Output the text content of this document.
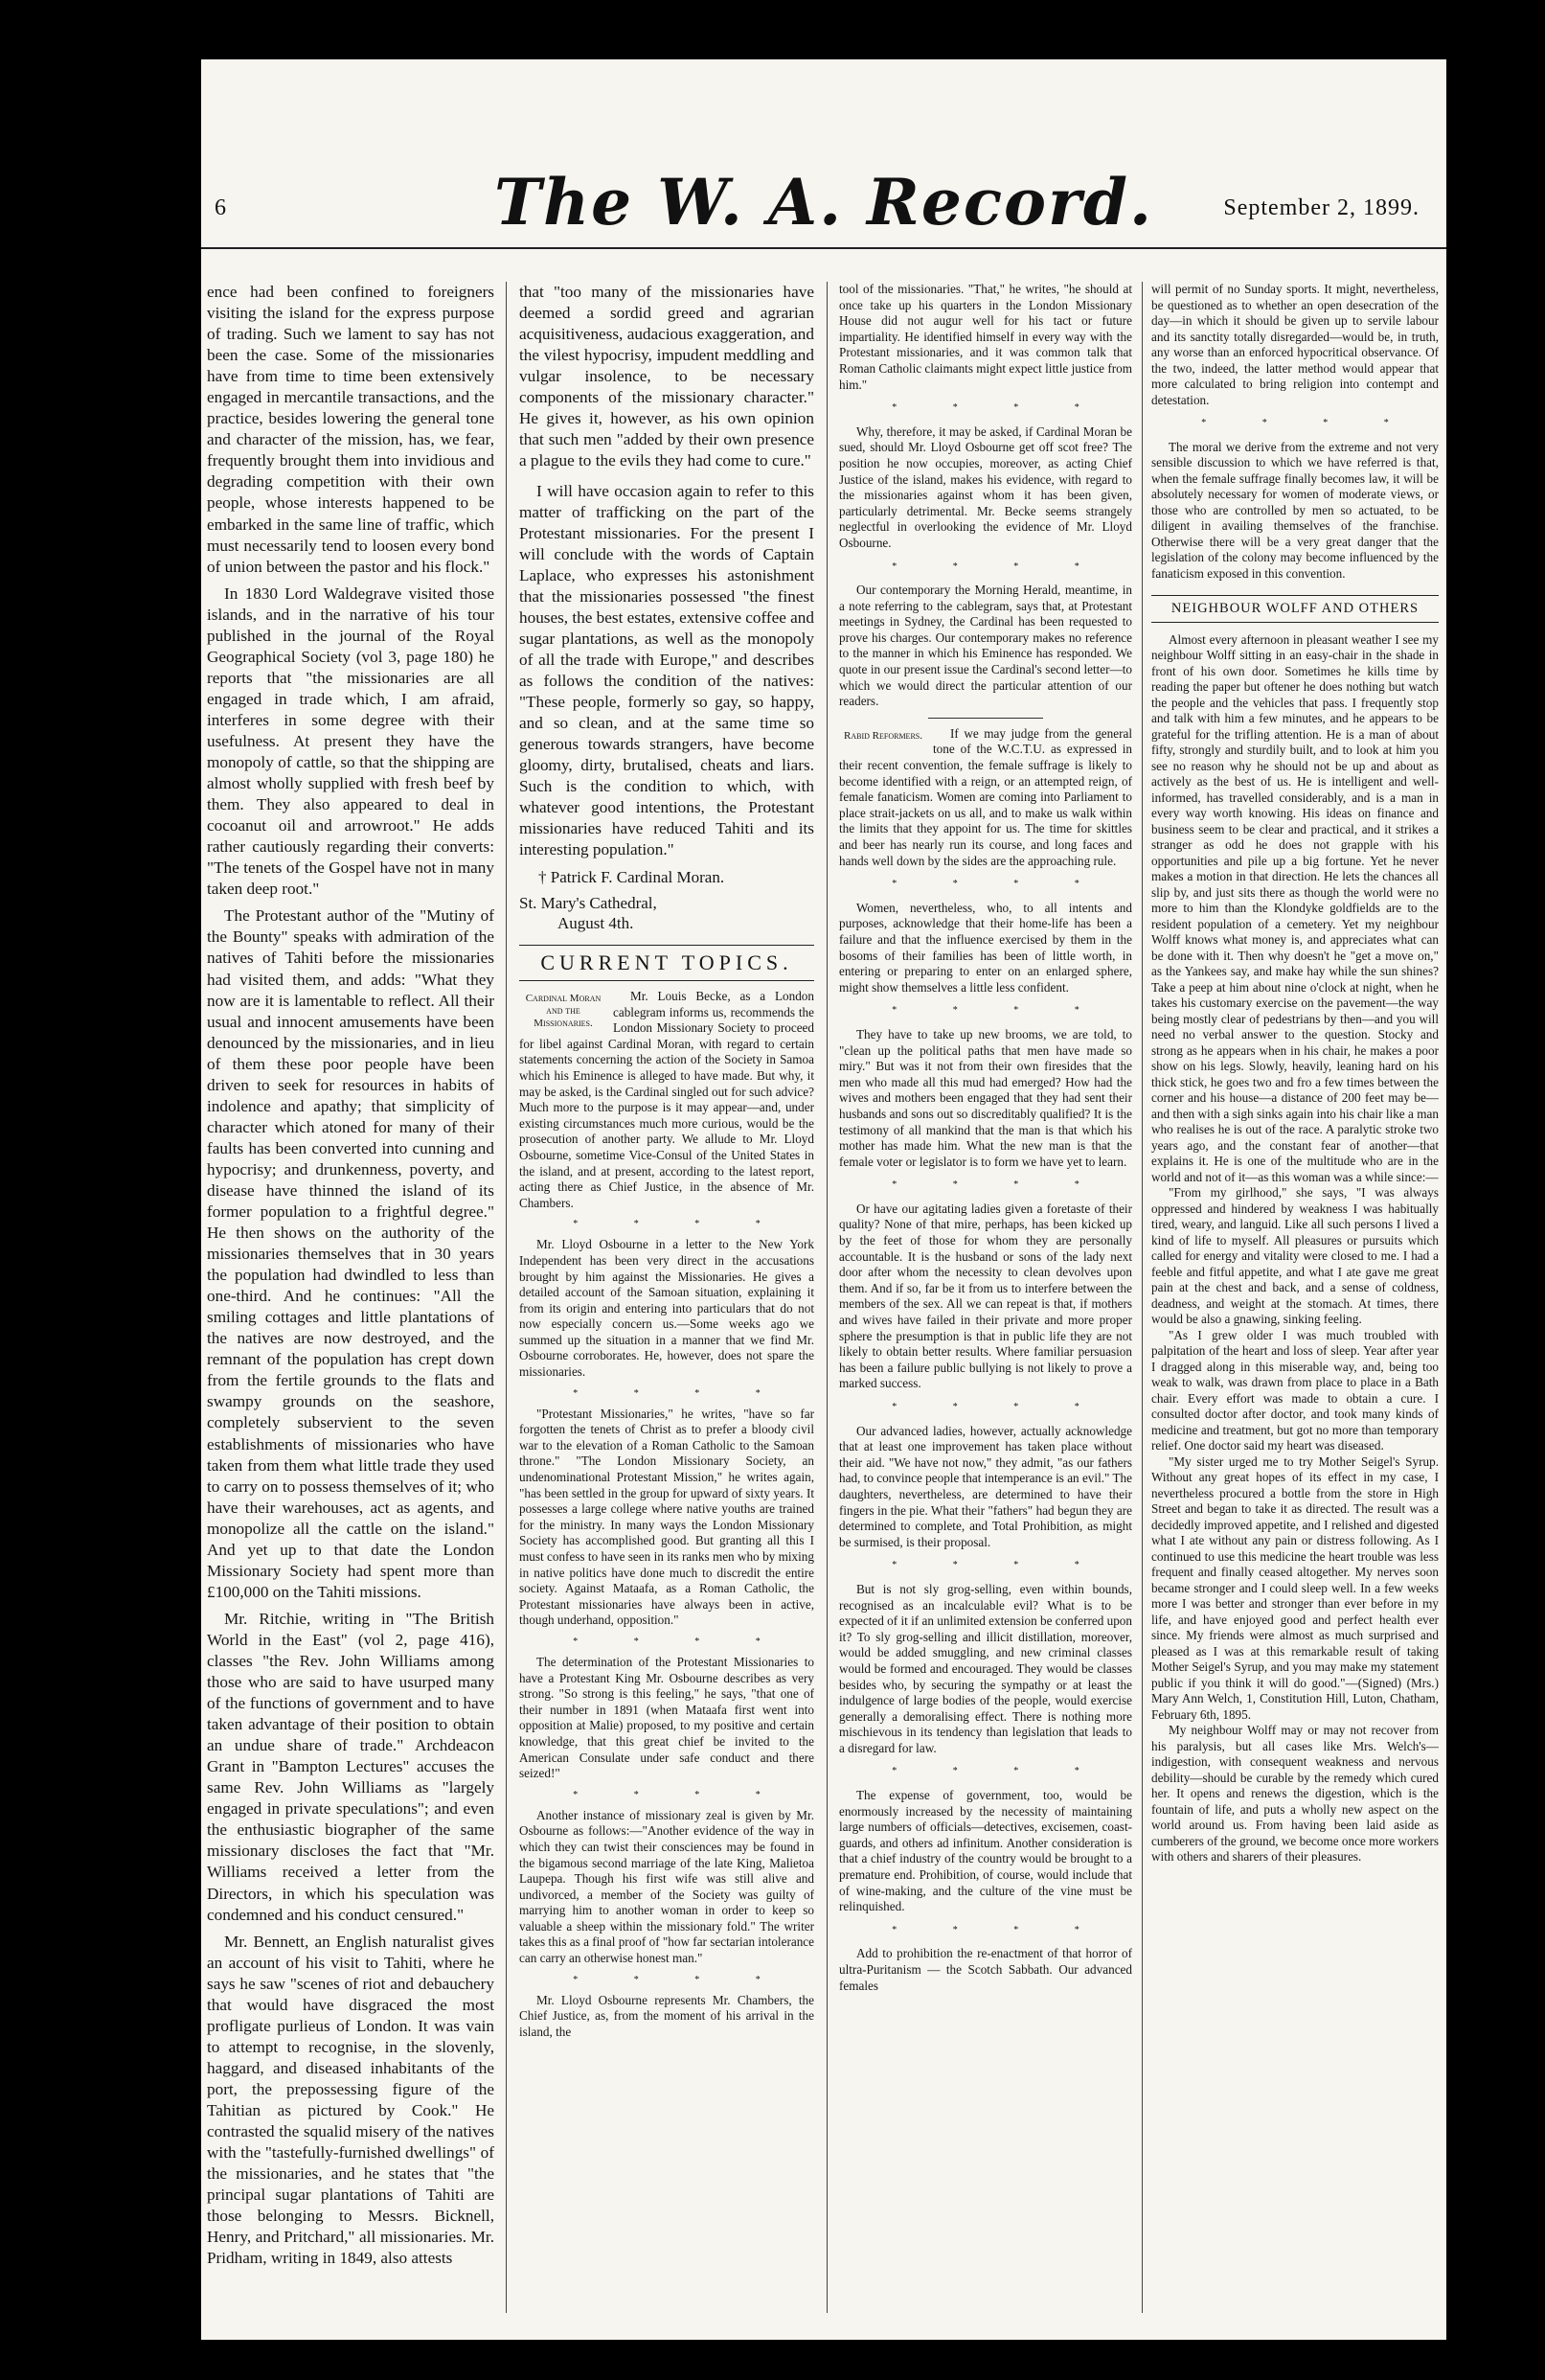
6	The W. A. Record.	September 2, 1899.

ence had been confined to foreigners visiting the island for the express purpose of trading. Such we lament to say has not been the case. Some of the missionaries have from time to time been extensively engaged in mercantile transactions, and the practice, besides lowering the general tone and character of the mission, has, we fear, frequently brought them into invidious and degrading competition with their own people, whose interests happened to be embarked in the same line of traffic, which must necessarily tend to loosen every bond of union between the pastor and his flock."

In 1830 Lord Waldegrave visited those islands, and in the narrative of his tour published in the journal of the Royal Geographical Society (vol 3, page 180) he reports that "the missionaries are all engaged in trade which, I am afraid, interferes in some degree with their usefulness. At present they have the monopoly of cattle, so that the shipping are almost wholly supplied with fresh beef by them. They also appeared to deal in cocoanut oil and arrowroot." He adds rather cautiously regarding their converts: "The tenets of the Gospel have not in many taken deep root."

The Protestant author of the "Mutiny of the Bounty" speaks with admiration of the natives of Tahiti before the missionaries had visited them, and adds: "What they now are it is lamentable to reflect. All their usual and innocent amusements have been denounced by the missionaries, and in lieu of them these poor people have been driven to seek for resources in habits of indolence and apathy; that simplicity of character which atoned for many of their faults has been converted into cunning and hypocrisy; and drunkenness, poverty, and disease have thinned the island of its former population to a frightful degree." He then shows on the authority of the missionaries themselves that in 30 years the population had dwindled to less than one-third. And he continues: "All the smiling cottages and little plantations of the natives are now destroyed, and the remnant of the population has crept down from the fertile grounds to the flats and swampy grounds on the seashore, completely subservient to the seven establishments of missionaries who have taken from them what little trade they used to carry on to possess themselves of it; who have their warehouses, act as agents, and monopolize all the cattle on the island." And yet up to that date the London Missionary Society had spent more than £100,000 on the Tahiti missions.

Mr. Ritchie, writing in "The British World in the East" (vol 2, page 416), classes "the Rev. John Williams among those who are said to have usurped many of the functions of government and to have taken advantage of their position to obtain an undue share of trade." Archdeacon Grant in "Bampton Lectures" accuses the same Rev. John Williams as "largely engaged in private speculations"; and even the enthusiastic biographer of the same missionary discloses the fact that "Mr. Williams received a letter from the Directors, in which his speculation was condemned and his conduct censured."

Mr. Bennett, an English naturalist gives an account of his visit to Tahiti, where he says he saw "scenes of riot and debauchery that would have disgraced the most profligate purlieus of London. It was vain to attempt to recognise, in the slovenly, haggard, and diseased inhabitants of the port, the prepossessing figure of the Tahitian as pictured by Cook." He contrasted the squalid misery of the natives with the "tastefully-furnished dwellings" of the missionaries, and he states that "the principal sugar plantations of Tahiti are those belonging to Messrs. Bicknell, Henry, and Pritchard," all missionaries. Mr. Pridham, writing in 1849, also attests

that "too many of the missionaries have deemed a sordid greed and agrarian acquisitiveness, audacious exaggeration, and the vilest hypocrisy, impudent meddling and vulgar insolence, to be necessary components of the missionary character." He gives it, however, as his own opinion that such men "added by their own presence a plague to the evils they had come to cure."

I will have occasion again to refer to this matter of trafficking on the part of the Protestant missionaries. For the present I will conclude with the words of Captain Laplace, who expresses his astonishment that the missionaries possessed "the finest houses, the best estates, extensive coffee and sugar plantations, as well as the monopoly of all the trade with Europe," and describes as follows the condition of the natives: "These people, formerly so gay, so happy, and so clean, and at the same time so generous towards strangers, have become gloomy, dirty, brutalised, cheats and liars. Such is the condition to which, with whatever good intentions, the Protestant missionaries have reduced Tahiti and its interesting population."

† Patrick F. Cardinal Moran.

St. Mary's Cathedral,

August 4th.

CURRENT TOPICS.
Cardinal Moran and the Missionaries.

Mr. Louis Becke, as a London cablegram informs us, recommends the London Missionary Society to proceed for libel against Cardinal Moran, with regard to certain statements concerning the action of the Society in Samoa which his Eminence is alleged to have made. But why, it may be asked, is the Cardinal singled out for such advice? Much more to the purpose is it may appear—and, under existing circumstances much more curious, would be the prosecution of another party. We allude to Mr. Lloyd Osbourne, sometime Vice-Consul of the United States in the island, and at present, according to the latest report, acting there as Chief Justice, in the absence of Mr. Chambers.

* * * *

Mr. Lloyd Osbourne in a letter to the New York Independent has been very direct in the accusations brought by him against the Missionaries. He gives a detailed account of the Samoan situation, explaining it from its origin and entering into particulars that do not now especially concern us.—Some weeks ago we summed up the situation in a manner that we find Mr. Osbourne corroborates. He, however, does not spare the missionaries.

* * * *

"Protestant Missionaries," he writes, "have so far forgotten the tenets of Christ as to prefer a bloody civil war to the elevation of a Roman Catholic to the Samoan throne." "The London Missionary Society, an undenominational Protestant Mission," he writes again, "has been settled in the group for upward of sixty years. It possesses a large college where native youths are trained for the ministry. In many ways the London Missionary Society has accomplished good. But granting all this I must confess to have seen in its ranks men who by mixing in native politics have done much to discredit the entire society. Against Mataafa, as a Roman Catholic, the Protestant missionaries have always been in active, though underhand, opposition."

* * * *

The determination of the Protestant Missionaries to have a Protestant King Mr. Osbourne describes as very strong. "So strong is this feeling," he says, "that one of their number in 1891 (when Mataafa first went into opposition at Malie) proposed, to my positive and certain knowledge, that this great chief be invited to the American Consulate under safe conduct and there seized!"

* * * *

Another instance of missionary zeal is given by Mr. Osbourne as follows:—"Another evidence of the way in which they can twist their consciences may be found in the bigamous second marriage of the late King, Malietoa Laupepa. Though his first wife was still alive and undivorced, a member of the Society was guilty of marrying him to another woman in order to keep so valuable a sheep within the missionary fold." The writer takes this as a final proof of "how far sectarian intolerance can carry an otherwise honest man."

* * * *

Mr. Lloyd Osbourne represents Mr. Chambers, the Chief Justice, as, from the moment of his arrival in the island, the

tool of the missionaries. "That," he writes, "he should at once take up his quarters in the London Missionary House did not augur well for his tact or future impartiality. He identified himself in every way with the Protestant missionaries, and it was common talk that Roman Catholic claimants might expect little justice from him."

* * * *

Why, therefore, it may be asked, if Cardinal Moran be sued, should Mr. Lloyd Osbourne get off scot free? The position he now occupies, moreover, as acting Chief Justice of the island, makes his evidence, with regard to the missionaries against whom it has been given, particularly detrimental. Mr. Becke seems strangely neglectful in overlooking the evidence of Mr. Lloyd Osbourne.

* * * *

Our contemporary the Morning Herald, meantime, in a note referring to the cablegram, says that, at Protestant meetings in Sydney, the Cardinal has been requested to prove his charges. Our contemporary makes no reference to the manner in which his Eminence has responded. We quote in our present issue the Cardinal's second letter—to which we would direct the particular attention of our readers.

Rabid Reformers.	If we may judge from the general tone of the W.C.T.U. as expressed in their recent convention, the female suffrage is likely to become identified with a reign, or an attempted reign, of female fanaticism. Women are coming into Parliament to place strait-jackets on us all, and to make us walk within the limits that they appoint for us. The time for skittles and beer has nearly run its course, and long faces and hands well down by the sides are the approaching rule.

* * * *

Women, nevertheless, who, to all intents and purposes, acknowledge that their home-life has been a failure and that the influence exercised by them in the bosoms of their families has been of little worth, in entering or preparing to enter on an enlarged sphere, might show themselves a little less confident.

* * * *

They have to take up new brooms, we are told, to "clean up the political paths that men have made so miry." But was it not from their own firesides that the men who made all this mud had emerged? How had the wives and mothers been engaged that they had sent their husbands and sons out so discreditably qualified? It is the testimony of all mankind that the man is that which his mother has made him. What the new man is that the female voter or legislator is to form we have yet to learn.

* * * *

Or have our agitating ladies given a foretaste of their quality? None of that mire, perhaps, has been kicked up by the feet of those for whom they are personally accountable. It is the husband or sons of the lady next door after whom the necessity to clean devolves upon them. And if so, far be it from us to interfere between the members of the sex. All we can repeat is that, if mothers and wives have failed in their private and more proper sphere the presumption is that in public life they are not likely to obtain better results. Where familiar persuasion has been a failure public bullying is not likely to prove a marked success.

* * * *

Our advanced ladies, however, actually acknowledge that at least one improvement has taken place without their aid. "We have not now," they admit, "as our fathers had, to convince people that intemperance is an evil." The daughters, nevertheless, are determined to have their fingers in the pie. What their "fathers" had begun they are determined to complete, and Total Prohibition, as might be surmised, is their proposal.

* * * *

But is not sly grog-selling, even within bounds, recognised as an incalculable evil? What is to be expected of it if an unlimited extension be conferred upon it? To sly grog-selling and illicit distillation, moreover, would be added smuggling, and new criminal classes would be formed and encouraged. They would be classes besides who, by securing the sympathy or at least the indulgence of large bodies of the people, would exercise generally a demoralising effect. There is nothing more mischievous in its tendency than legislation that leads to a disregard for law.

* * * *

The expense of government, too, would be enormously increased by the necessity of maintaining large numbers of officials—detectives, excisemen, coast-guards, and others ad infinitum. Another consideration is that a chief industry of the country would be brought to a premature end. Prohibition, of course, would include that of wine-making, and the culture of the vine must be relinquished.

* * * *

Add to prohibition the re-enactment of that horror of ultra-Puritanism — the Scotch Sabbath. Our advanced females

will permit of no Sunday sports. It might, nevertheless, be questioned as to whether an open desecration of the day—in which it should be given up to servile labour and its sanctity totally disregarded—would be, in truth, any worse than an enforced hypocritical observance. Of the two, indeed, the latter method would appear that more calculated to bring religion into contempt and detestation.

* * * *

The moral we derive from the extreme and not very sensible discussion to which we have referred is that, when the female suffrage finally becomes law, it will be absolutely necessary for women of moderate views, or those who are controlled by men so actuated, to be diligent in availing themselves of the franchise. Otherwise there will be a very great danger that the legislation of the colony may become influenced by the fanaticism exposed in this convention.

NEIGHBOUR WOLFF AND OTHERS

Almost every afternoon in pleasant weather I see my neighbour Wolff sitting in an easy-chair in the shade in front of his own door. Sometimes he kills time by reading the paper but oftener he does nothing but watch the people and the vehicles that pass. I frequently stop and talk with him a few minutes, and he appears to be grateful for the trifling attention. He is a man of about fifty, strongly and sturdily built, and to look at him you see no reason why he should not be up and about as actively as the best of us. He is intelligent and well-informed, has travelled considerably, and is a man in every way worth knowing. His ideas on finance and business seem to be clear and practical, and it strikes a stranger as odd he does not grapple with his opportunities and pile up a big fortune. Yet he never makes a motion in that direction. He lets the chances all slip by, and just sits there as though the world were no more to him than the Klondyke goldfields are to the resident population of a cemetery. Yet my neighbour Wolff knows what money is, and appreciates what can be done with it. Then why doesn't he "get a move on," as the Yankees say, and make hay while the sun shines? Take a peep at him about nine o'clock at night, when he takes his customary exercise on the pavement—the way being mostly clear of pedestrians by then—and you will need no verbal answer to the question. Stocky and strong as he appears when in his chair, he makes a poor show on his legs. Slowly, heavily, leaning hard on his thick stick, he goes two and fro a few times between the corner and his house—a distance of 200 feet may be—and then with a sigh sinks again into his chair like a man who realises he is out of the race. A paralytic stroke two years ago, and the constant fear of another—that explains it. He is one of the multitude who are in the world and not of it—as this woman was a while since:—

"From my girlhood," she says, "I was always oppressed and hindered by weakness I was habitually tired, weary, and languid. Like all such persons I lived a kind of life to myself. All pleasures or pursuits which called for energy and vitality were closed to me. I had a feeble and fitful appetite, and what I ate gave me great pain at the chest and back, and a sense of coldness, deadness, and weight at the stomach. At times, there would be also a gnawing, sinking feeling.

"As I grew older I was much troubled with palpitation of the heart and loss of sleep. Year after year I dragged along in this miserable way, and, being too weak to walk, was drawn from place to place in a Bath chair. Every effort was made to obtain a cure. I consulted doctor after doctor, and took many kinds of medicine and treatment, but got no more than temporary relief. One doctor said my heart was diseased.

"My sister urged me to try Mother Seigel's Syrup. Without any great hopes of its effect in my case, I nevertheless procured a bottle from the store in High Street and began to take it as directed. The result was a decidedly improved appetite, and I relished and digested what I ate without any pain or distress following. As I continued to use this medicine the heart trouble was less frequent and finally ceased altogether. My nerves soon became stronger and I could sleep well. In a few weeks more I was better and stronger than ever before in my life, and have enjoyed good and perfect health ever since. My friends were almost as much surprised and pleased as I was at this remarkable result of taking Mother Seigel's Syrup, and you may make my statement public if you think it will do good."—(Signed) (Mrs.) Mary Ann Welch, 1, Constitution Hill, Luton, Chatham, February 6th, 1895.

My neighbour Wolff may or may not recover from his paralysis, but all cases like Mrs. Welch's—indigestion, with consequent weakness and nervous debility—should be curable by the remedy which cured her. It opens and renews the digestion, which is the fountain of life, and puts a wholly new aspect on the world around us. From having been laid aside as cumberers of the ground, we become once more workers with others and sharers of their pleasures.
